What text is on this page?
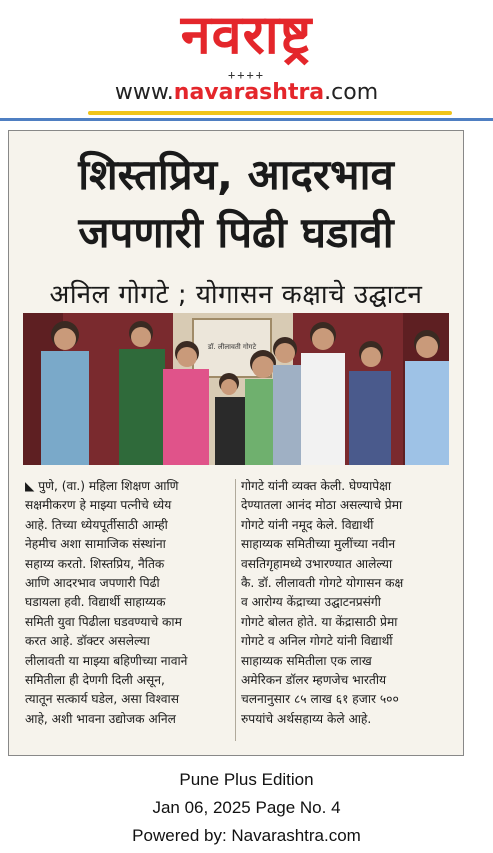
नवराष्ट्र
++++
www.navarashtra.com
शिस्तप्रिय, आदरभाव
जपणारी पिढी घडावी
अनिल गोगटे ; योगासन कक्षाचे उद्घाटन
डॉ. लीलावती गोगटे
◣ पुणे, (वा.) महिला शिक्षण आणि
सक्षमीकरण हे माझ्या पत्नीचे ध्येय
आहे. तिच्या ध्येयपूर्तीसाठी आम्ही
नेहमीच अशा सामाजिक संस्थांना
सहाय्य करतो. शिस्तप्रिय, नैतिक
आणि आदरभाव जपणारी पिढी
घडायला हवी. विद्यार्थी साहाय्यक
समिती युवा पिढीला घडवण्याचे काम
करत आहे. डॉक्टर असलेल्या
लीलावती या माझ्या बहिणीच्या नावाने
समितीला ही देणगी दिली असून,
त्यातून सत्कार्य घडेल, असा विश्वास
आहे, अशी भावना उद्योजक अनिल
गोगटे यांनी व्यक्त केली. घेण्यापेक्षा
देण्यातला आनंद मोठा असल्याचे प्रेमा
गोगटे यांनी नमूद केले. विद्यार्थी
साहाय्यक समितीच्या मुलींच्या नवीन
वसतिगृहामध्ये उभारण्यात आलेल्या
कै. डॉ. लीलावती गोगटे योगासन कक्ष
व आरोग्य केंद्राच्या उद्घाटनप्रसंगी
गोगटे बोलत होते. या केंद्रासाठी प्रेमा
गोगटे व अनिल गोगटे यांनी विद्यार्थी
साहाय्यक समितीला एक लाख
अमेरिकन डॉलर म्हणजेच भारतीय
चलनानुसार ८५ लाख ६१ हजार ५००
रुपयांचे अर्थसहाय्य केले आहे.
Pune Plus Edition
Jan 06, 2025 Page No. 4
Powered by: Navarashtra.com
